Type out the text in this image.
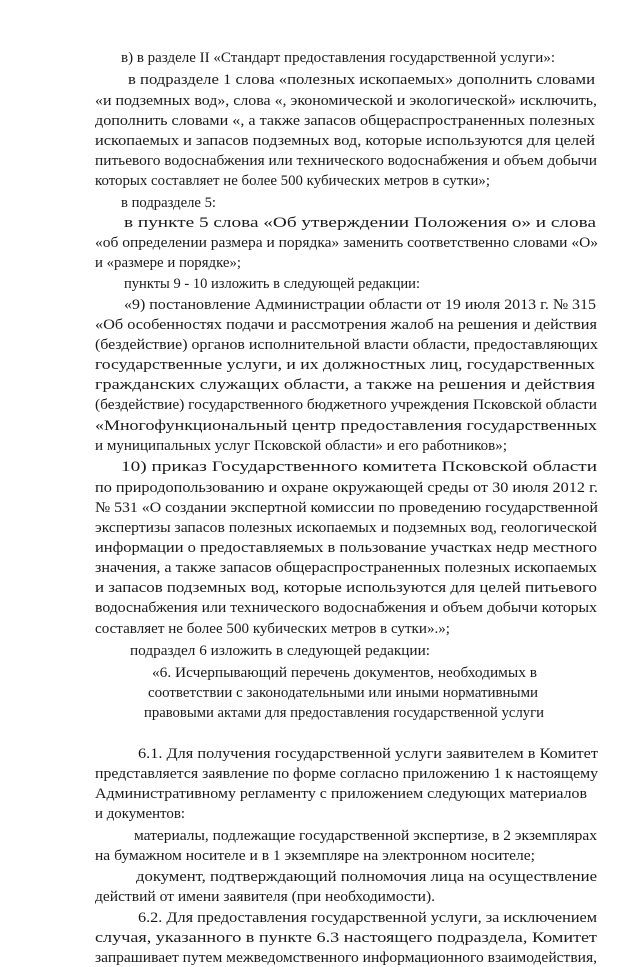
в) в разделе II «Стандарт предоставления государственной услуги»:
в подразделе 1 слова «полезных ископаемых» дополнить словами
«и подземных вод», слова «, экономической и экологической» исключить,
дополнить словами «, а также запасов общераспространенных полезных
ископаемых и запасов подземных вод, которые используются для целей
питьевого водоснабжения или технического водоснабжения и объем добычи
которых составляет не более 500 кубических метров в сутки»;
в подразделе 5:
в пункте 5 слова «Об утверждении Положения о» и слова
«об определении размера и порядка» заменить соответственно словами «О»
и «размере и порядке»;
пункты 9 - 10 изложить в следующей редакции:
«9) постановление Администрации области от 19 июля 2013 г. № 315
«Об особенностях подачи и рассмотрения жалоб на решения и действия
(бездействие) органов исполнительной власти области, предоставляющих
государственные услуги, и их должностных лиц, государственных
гражданских служащих области, а также на решения и действия
(бездействие) государственного бюджетного учреждения Псковской области
«Многофункциональный центр предоставления государственных
и муниципальных услуг Псковской области» и его работников»;
10) приказ Государственного комитета Псковской области
по природопользованию и охране окружающей среды от 30 июля 2012 г.
№ 531 «О создании экспертной комиссии по проведению государственной
экспертизы запасов полезных ископаемых и подземных вод, геологической
информации о предоставляемых в пользование участках недр местного
значения, а также запасов общераспространенных полезных ископаемых
и запасов подземных вод, которые используются для целей питьевого
водоснабжения или технического водоснабжения и объем добычи которых
составляет не более 500 кубических метров в сутки».»;
подраздел 6 изложить в следующей редакции:
«6. Исчерпывающий перечень документов, необходимых в
соответствии с законодательными или иными нормативными
правовыми актами для предоставления государственной услуги
6.1. Для получения государственной услуги заявителем в Комитет
представляется заявление по форме согласно приложению 1 к настоящему
Административному регламенту с приложением следующих материалов
и документов:
материалы, подлежащие государственной экспертизе, в 2 экземплярах
на бумажном носителе и в 1 экземпляре на электронном носителе;
документ, подтверждающий полномочия лица на осуществление
действий от имени заявителя (при необходимости).
6.2. Для предоставления государственной услуги, за исключением
случая, указанного в пункте 6.3 настоящего подраздела, Комитет
запрашивает путем межведомственного информационного взаимодействия,
